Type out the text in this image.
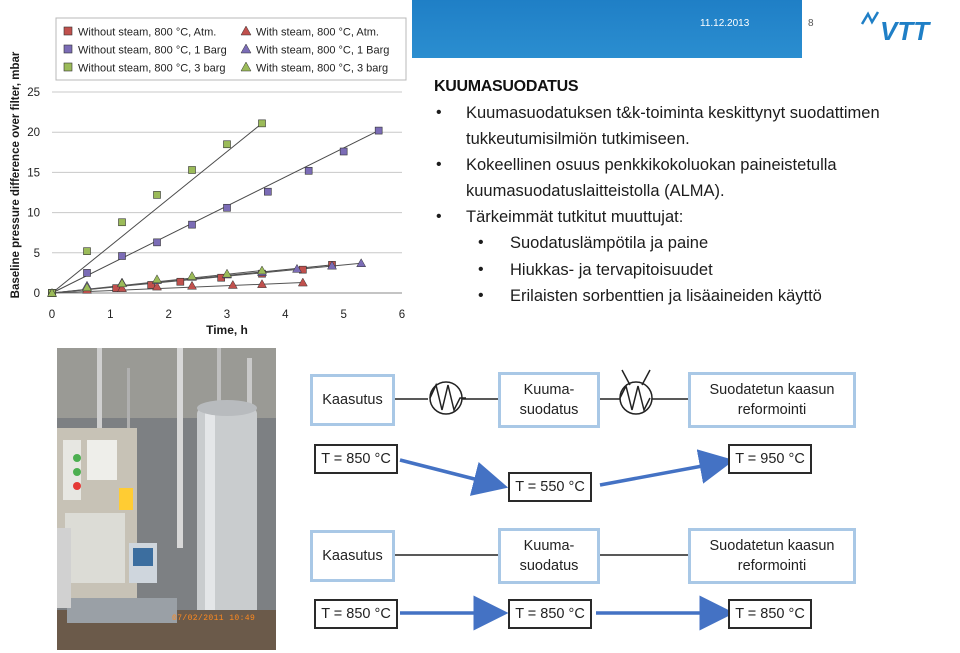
11.12.2013	8	VTT
Baseline pressure difference over filter, mbar
Time, h
0
5
10
15
20
25
0	1	2	3	4	5	6
Without steam, 800 °C, Atm.
Without steam, 800 °C, 1 Barg
Without steam, 800 °C, 3 barg
With steam, 800 °C, Atm.
With steam, 800 °C, 1 Barg
With steam, 800 °C, 3 barg
KUUMASUODATUS
• Kuumasuodatuksen t&k-toiminta keskittynyt suodattimen tukkeutumisilmiön tutkimiseen.
• Kokeellinen osuus penkkikokoluokan paineistetulla kuumasuodatuslaitteistolla (ALMA).
• Tärkeimmät tutkitut muuttujat:
• Suodatuslämpötila ja paine
• Hiukkas- ja tervapitoisuudet
• Erilaisten sorbenttien ja lisäaineiden käyttö
07/02/2011 10:49
Kaasutus
Kuuma-
suodatus
Suodatetun kaasun reformointi
T = 850 °C
T = 550 °C
T = 950 °C
Kaasutus
Kuuma-
suodatus
Suodatetun kaasun reformointi
T = 850 °C	T = 850 °C	T = 850 °C
